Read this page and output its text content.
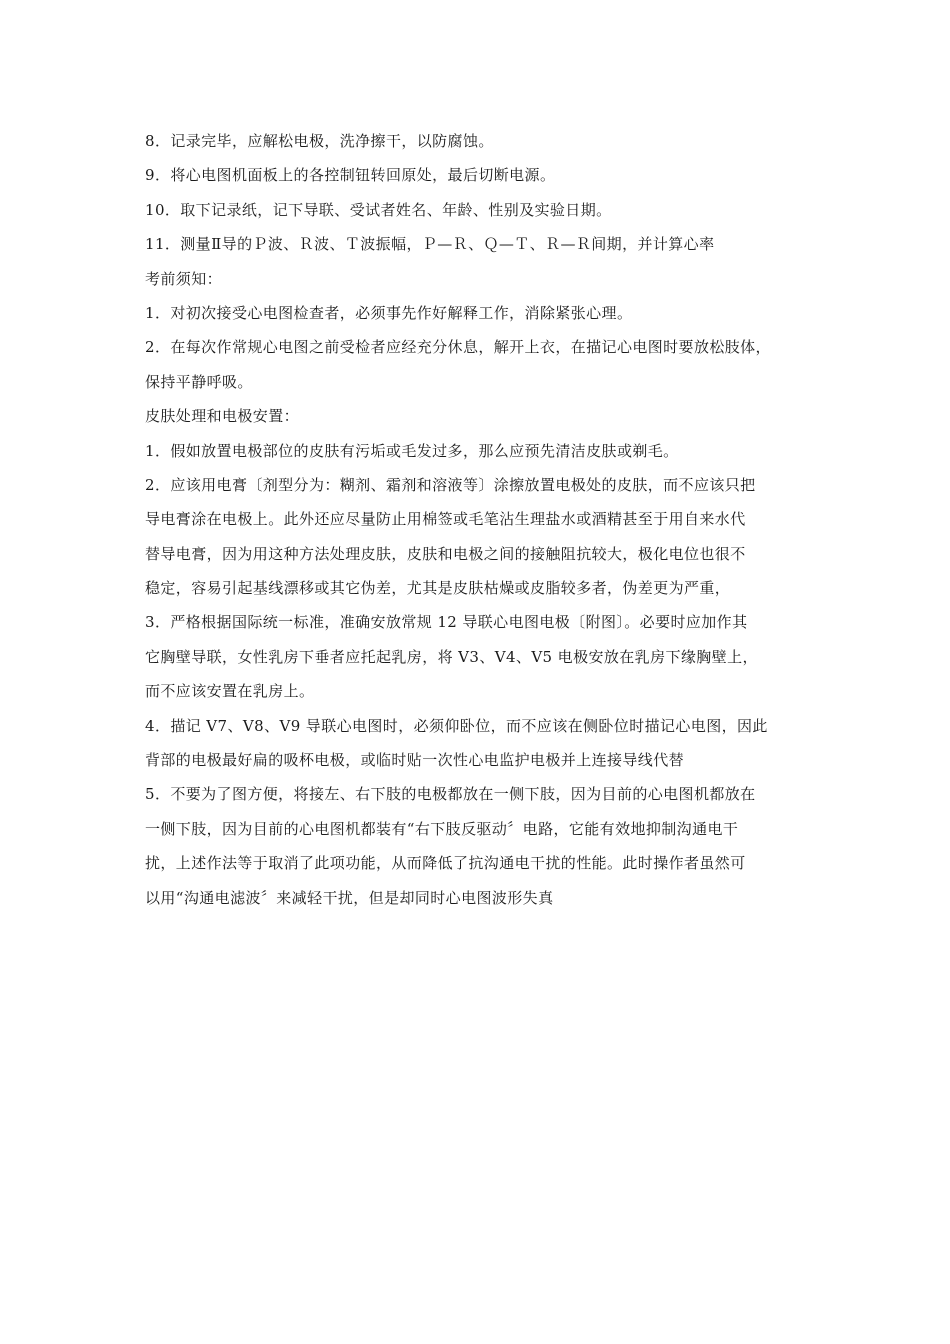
8．记录完毕，应解松电极，洗净擦干，以防腐蚀。
9．将心电图机面板上的各控制钮转回原处，最后切断电源。
10．取下记录纸，记下导联、受试者姓名、年龄、性别及实验日期。
11．测量Ⅱ导的Ｐ波、Ｒ波、Ｔ波振幅，Ｐ—Ｒ、Ｑ—Ｔ、Ｒ—Ｒ间期，并计算心率
考前须知：
1．对初次接受心电图检查者，必须事先作好解释工作，消除紧张心理。
2．在每次作常规心电图之前受检者应经充分休息，解开上衣，在描记心电图时要放松肢体，
保持平静呼吸。
皮肤处理和电极安置：
1．假如放置电极部位的皮肤有污垢或毛发过多，那么应预先清洁皮肤或剃毛。
2．应该用电膏〔剂型分为：糊剂、霜剂和溶液等〕涂擦放置电极处的皮肤，而不应该只把
导电膏涂在电极上。此外还应尽量防止用棉签或毛笔沾生理盐水或酒精甚至于用自来水代
替导电膏，因为用这种方法处理皮肤，皮肤和电极之间的接触阻抗较大，极化电位也很不
稳定，容易引起基线漂移或其它伪差，尤其是皮肤枯燥或皮脂较多者，伪差更为严重，
3．严格根据国际统一标准，准确安放常规 12 导联心电图电极〔附图〕。必要时应加作其
它胸壁导联，女性乳房下垂者应托起乳房，将 V3、V4、V5 电极安放在乳房下缘胸壁上，
而不应该安置在乳房上。
4．描记 V7、V8、V9 导联心电图时，必须仰卧位，而不应该在侧卧位时描记心电图，因此
背部的电极最好扁的吸杯电极，或临时贴一次性心电监护电极并上连接导线代替
5．不要为了图方便，将接左、右下肢的电极都放在一侧下肢，因为目前的心电图机都放在
一侧下肢，因为目前的心电图机都装有“右下肢反驱动〞电路，它能有效地抑制沟通电干
扰，上述作法等于取消了此项功能，从而降低了抗沟通电干扰的性能。此时操作者虽然可
以用“沟通电滤波〞来减轻干扰，但是却同时心电图波形失真
